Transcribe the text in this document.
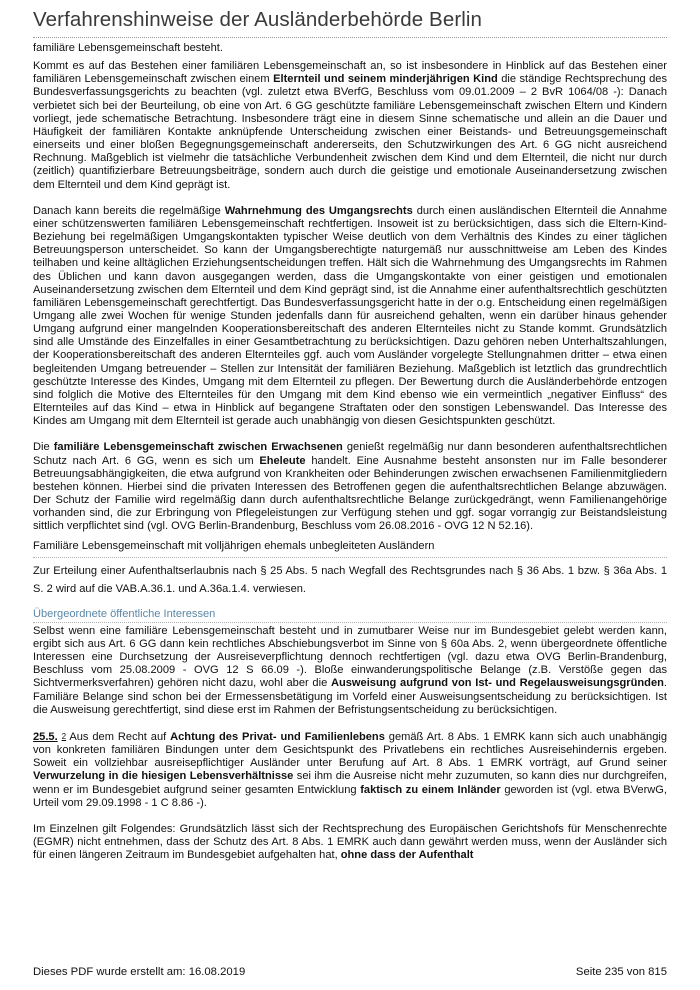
Verfahrenshinweise der Ausländerbehörde Berlin

familiäre Lebensgemeinschaft besteht.

Kommt es auf das Bestehen einer familiären Lebensgemeinschaft an, so ist insbesondere in Hinblick auf das Bestehen einer familiären Lebensgemeinschaft zwischen einem Elternteil und seinem minderjährigen Kind die ständige Rechtsprechung des Bundesverfassungsgerichts zu beachten (vgl. zuletzt etwa BVerfG, Beschluss vom 09.01.2009 – 2 BvR 1064/08 -): Danach verbietet sich bei der Beurteilung, ob eine von Art. 6 GG geschützte familiäre Lebensgemeinschaft zwischen Eltern und Kindern vorliegt, jede schematische Betrachtung. Insbesondere trägt eine in diesem Sinne schematische und allein an die Dauer und Häufigkeit der familiären Kontakte anknüpfende Unterscheidung zwischen einer Beistands- und Betreuungsgemeinschaft einerseits und einer bloßen Begegnungsgemeinschaft andererseits, den Schutzwirkungen des Art. 6 GG nicht ausreichend Rechnung. Maßgeblich ist vielmehr die tatsächliche Verbundenheit zwischen dem Kind und dem Elternteil, die nicht nur durch (zeitlich) quantifizierbare Betreuungsbeiträge, sondern auch durch die geistige und emotionale Auseinandersetzung zwischen dem Elternteil und dem Kind geprägt ist.

Danach kann bereits die regelmäßige Wahrnehmung des Umgangsrechts durch einen ausländischen Elternteil die Annahme einer schützenswerten familiären Lebensgemeinschaft rechtfertigen. Insoweit ist zu berücksichtigen, dass sich die Eltern-Kind-Beziehung bei regelmäßigen Umgangskontakten typischer Weise deutlich von dem Verhältnis des Kindes zu einer täglichen Betreuungsperson unterscheidet. So kann der Umgangsberechtigte naturgemäß nur ausschnittweise am Leben des Kindes teilhaben und keine alltäglichen Erziehungsentscheidungen treffen. Hält sich die Wahrnehmung des Umgangsrechts im Rahmen des Üblichen und kann davon ausgegangen werden, dass die Umgangskontakte von einer geistigen und emotionalen Auseinandersetzung zwischen dem Elternteil und dem Kind geprägt sind, ist die Annahme einer aufenthaltsrechtlich geschützten familiären Lebensgemeinschaft gerechtfertigt. Das Bundesverfassungsgericht hatte in der o.g. Entscheidung einen regelmäßigen Umgang alle zwei Wochen für wenige Stunden jedenfalls dann für ausreichend gehalten, wenn ein darüber hinaus gehender Umgang aufgrund einer mangelnden Kooperationsbereitschaft des anderen Elternteiles nicht zu Stande kommt. Grundsätzlich sind alle Umstände des Einzelfalles in einer Gesamtbetrachtung zu berücksichtigen. Dazu gehören neben Unterhaltszahlungen, der Kooperationsbereitschaft des anderen Elternteiles ggf. auch vom Ausländer vorgelegte Stellungnahmen dritter – etwa einen begleitenden Umgang betreuender – Stellen zur Intensität der familiären Beziehung. Maßgeblich ist letztlich das grundrechtlich geschützte Interesse des Kindes, Umgang mit dem Elternteil zu pflegen. Der Bewertung durch die Ausländerbehörde entzogen sind folglich die Motive des Elternteiles für den Umgang mit dem Kind ebenso wie ein vermeintlich „negativer Einfluss“ des Elternteiles auf das Kind – etwa in Hinblick auf begangene Straftaten oder den sonstigen Lebenswandel. Das Interesse des Kindes am Umgang mit dem Elternteil ist gerade auch unabhängig von diesen Gesichtspunkten geschützt.

Die familiäre Lebensgemeinschaft zwischen Erwachsenen genießt regelmäßig nur dann besonderen aufenthaltsrechtlichen Schutz nach Art. 6 GG, wenn es sich um Eheleute handelt. Eine Ausnahme besteht ansonsten nur im Falle besonderer Betreuungsabhängigkeiten, die etwa aufgrund von Krankheiten oder Behinderungen zwischen erwachsenen Familienmitgliedern bestehen können. Hierbei sind die privaten Interessen des Betroffenen gegen die aufenthaltsrechtlichen Belange abzuwägen. Der Schutz der Familie wird regelmäßig dann durch aufenthaltsrechtliche Belange zurückgedrängt, wenn Familienangehörige vorhanden sind, die zur Erbringung von Pflegeleistungen zur Verfügung stehen und ggf. sogar vorrangig zur Beistandsleistung sittlich verpflichtet sind (vgl. OVG Berlin-Brandenburg, Beschluss vom 26.08.2016 - OVG 12 N 52.16).

Familiäre Lebensgemeinschaft mit volljährigen ehemals unbegleiteten Ausländern

Zur Erteilung einer Aufenthaltserlaubnis nach § 25 Abs. 5 nach Wegfall des Rechtsgrundes nach § 36 Abs. 1 bzw. § 36a Abs. 1 S. 2 wird auf die VAB.A.36.1. und A.36a.1.4. verwiesen.

Übergeordnete öffentliche Interessen

Selbst wenn eine familiäre Lebensgemeinschaft besteht und in zumutbarer Weise nur im Bundesgebiet gelebt werden kann, ergibt sich aus Art. 6 GG dann kein rechtliches Abschiebungsverbot im Sinne von § 60a Abs. 2, wenn übergeordnete öffentliche Interessen eine Durchsetzung der Ausreiseverpflichtung dennoch rechtfertigen (vgl. dazu etwa OVG Berlin-Brandenburg, Beschluss vom 25.08.2009 - OVG 12 S 66.09 -). Bloße einwanderungspolitische Belange (z.B. Verstöße gegen das Sichtvermerksverfahren) gehören nicht dazu, wohl aber die Ausweisung aufgrund von Ist- und Regelausweisungsgründen. Familiäre Belange sind schon bei der Ermessensbetätigung im Vorfeld einer Ausweisungsentscheidung zu berücksichtigen. Ist die Ausweisung gerechtfertigt, sind diese erst im Rahmen der Befristungsentscheidung zu berücksichtigen.

25.5. 2 Aus dem Recht auf Achtung des Privat- und Familienlebens gemäß Art. 8 Abs. 1 EMRK kann sich auch unabhängig von konkreten familiären Bindungen unter dem Gesichtspunkt des Privatlebens ein rechtliches Ausreisehindernis ergeben. Soweit ein vollziehbar ausreisepflichtiger Ausländer unter Berufung auf Art. 8 Abs. 1 EMRK vorträgt, auf Grund seiner Verwurzelung in die hiesigen Lebensverhältnisse sei ihm die Ausreise nicht mehr zuzumuten, so kann dies nur durchgreifen, wenn er im Bundesgebiet aufgrund seiner gesamten Entwicklung faktisch zu einem Inländer geworden ist (vgl. etwa BVerwG, Urteil vom 29.09.1998 - 1 C 8.86 -).

Im Einzelnen gilt Folgendes: Grundsätzlich lässt sich der Rechtsprechung des Europäischen Gerichtshofs für Menschenrechte (EGMR) nicht entnehmen, dass der Schutz des Art. 8 Abs. 1 EMRK auch dann gewährt werden muss, wenn der Ausländer sich für einen längeren Zeitraum im Bundesgebiet aufgehalten hat, ohne dass der Aufenthalt

Dieses PDF wurde erstellt am: 16.08.2019	Seite 235 von 815
